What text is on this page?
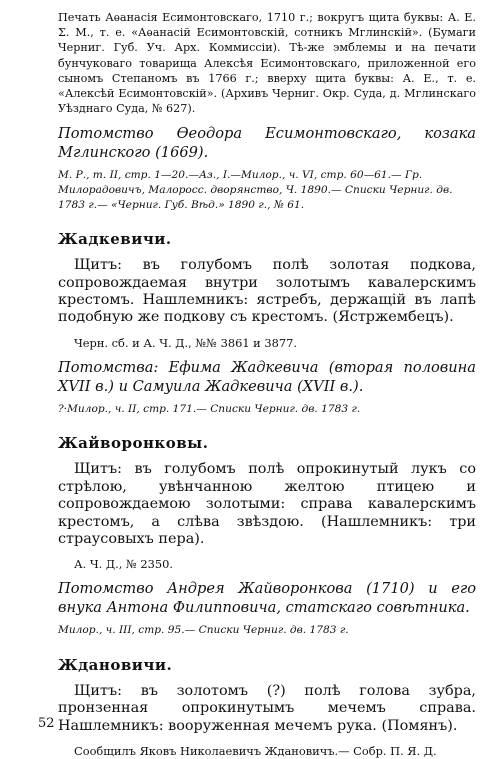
Печать Аѳанасія Есимонтовскаго, 1710 г.; вокругъ щита буквы: А. Е. Σ. М., т. е. «Аѳанасій Есимонтовскій, сотникъ Мглинскій». (Бумаги Черниг. Губ. Уч. Арх. Коммиссіи). Тѣ-же эмблемы и на печати бунчуковаго товарища Алексѣя Есимонтовскаго, приложенной его сыномъ Степаномъ въ 1766 г.; вверху щита буквы: А. Е., т. е. «Алексѣй Есимонтовскій». (Архивъ Черниг. Окр. Суда, д. Мглинскаго Уѣзднаго Суда, № 627).

Потомство Ѳеодора Есимонтовскаго, козака Мглинского (1669).

М. Р., т. II, стр. 1—20.—Аз., I.—Милор., ч. VI, стр. 60—61.— Гр. Милорадовичъ, Малоросс. дворянство, Ч. 1890.— Списки Черниг. дв. 1783 г.— «Черниг. Губ. Вѣд.» 1890 г., № 61.

Жадкевичи.

Щитъ: въ голубомъ полѣ золотая подкова, сопровождаемая внутри золотымъ кавалерскимъ крестомъ. Нашлемникъ: ястребъ, держащій въ лапѣ подобную же подкову съ крестомъ. (Ястржембецъ).

Черн. сб. и А. Ч. Д., №№ 3861 и 3877.

Потомства: Ефима Жадкевича (вторая половина XVII в.) и Самуила Жадкевича (XVII в.).

?·Милор., ч. II, стр. 171.— Списки Черниг. дв. 1783 г.

Жайворонковы.

Щитъ: въ голубомъ полѣ опрокинутый лукъ со стрѣлою, увѣнчанною желтою птицею и сопровождаемою золотыми: справа кавалерскимъ крестомъ, а слѣва звѣздою. (Нашлемникъ: три страусовыхъ пера).

А. Ч. Д., № 2350.

Потомство Андрея Жайворонкова (1710) и его внука Антона Филипповича, статскаго совѣтника.

Милор., ч. III, стр. 95.— Списки Черниг. дв. 1783 г.

Ждановичи.

Щитъ: въ золотомъ (?) полѣ голова зубра, пронзенная опрокинутымъ мечемъ справа. Нашлемникъ: вооруженная мечемъ рука. (Помянъ).

Сообщилъ Яковъ Николаевичъ Ждановичъ.— Собр. П. Я. Д.

52
